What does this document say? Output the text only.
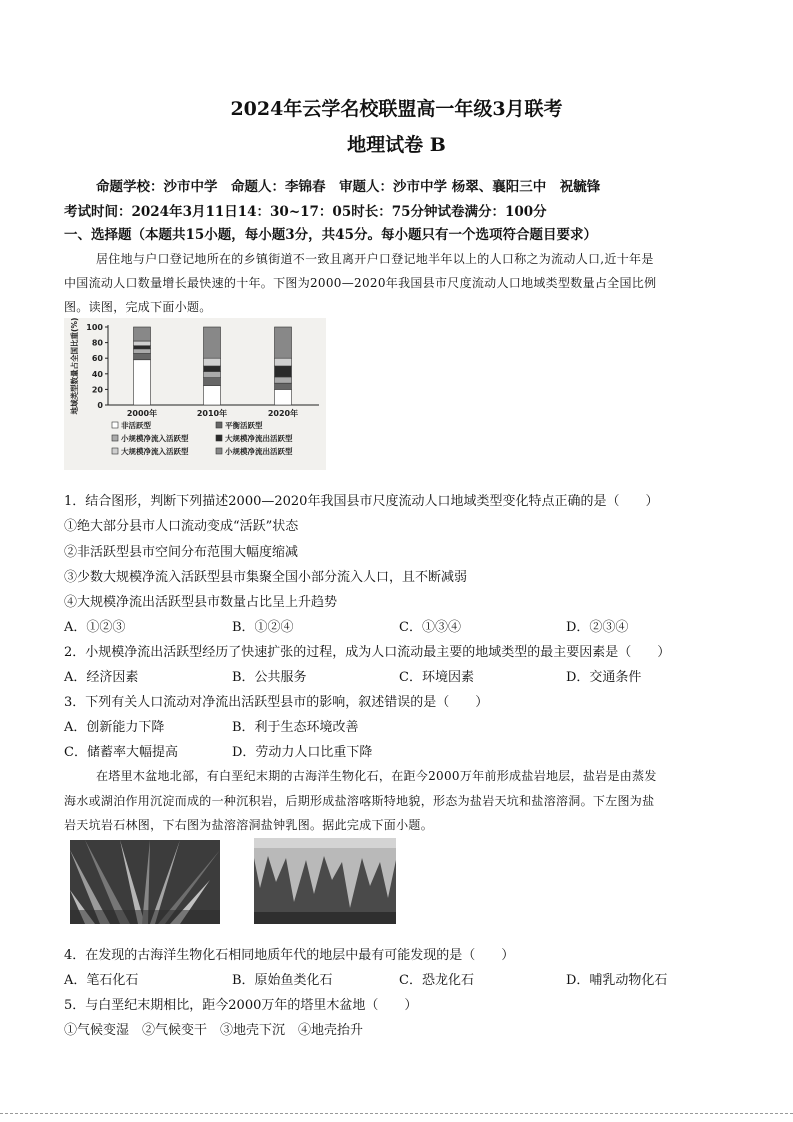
2024年云学名校联盟高一年级3月联考
地理试卷 B
命题学校：沙市中学　命题人：李锦春　审题人：沙市中学 杨翠、襄阳三中　祝毓锋
考试时间：2024年3月11日14：30~17：05时长：75分钟试卷满分：100分
一、选择题（本题共15小题，每小题3分，共45分。每小题只有一个选项符合题目要求）
居住地与户口登记地所在的乡镇街道不一致且离开户口登记地半年以上的人口称之为流动人口,近十年是
中国流动人口数量增长最快速的十年。下图为2000—2020年我国县市尺度流动人口地域类型数量占全国比例
图。读图，完成下面小题。
地域类型数量占全国比重(%) 100
80
60
40
20
0
2000年	2010年	2020年
非活跃型	平衡活跃型
小规模净流入活跃型	大规模净流出活跃型
大规模净流入活跃型	小规模净流出活跃型
1．结合图形，判断下列描述2000—2020年我国县市尺度流动人口地域类型变化特点正确的是（　　）
①绝大部分县市人口流动变成“活跃”状态
②非活跃型县市空间分布范围大幅度缩减
③少数大规模净流入活跃型县市集聚全国小部分流入人口，且不断减弱
④大规模净流出活跃型县市数量占比呈上升趋势
A．①②③	B．①②④	C．①③④	D．②③④
2．小规模净流出活跃型经历了快速扩张的过程，成为人口流动最主要的地域类型的最主要因素是（　　）
A．经济因素	B．公共服务	C．环境因素	D．交通条件
3．下列有关人口流动对净流出活跃型县市的影响，叙述错误的是（　　）
A．创新能力下降	B．利于生态环境改善
C．储蓄率大幅提高	D．劳动力人口比重下降
在塔里木盆地北部，有白垩纪末期的古海洋生物化石，在距今2000万年前形成盐岩地层，盐岩是由蒸发
海水或湖泊作用沉淀而成的一种沉积岩，后期形成盐溶喀斯特地貌，形态为盐岩天坑和盐溶溶洞。下左图为盐
岩天坑岩石林图，下右图为盐溶溶洞盐钟乳图。据此完成下面小题。
4．在发现的古海洋生物化石相同地质年代的地层中最有可能发现的是（　　）
A．笔石化石	B．原始鱼类化石	C．恐龙化石	D．哺乳动物化石
5．与白垩纪末期相比，距今2000万年的塔里木盆地（　　）
①气候变湿　②气候变干　③地壳下沉　④地壳抬升
